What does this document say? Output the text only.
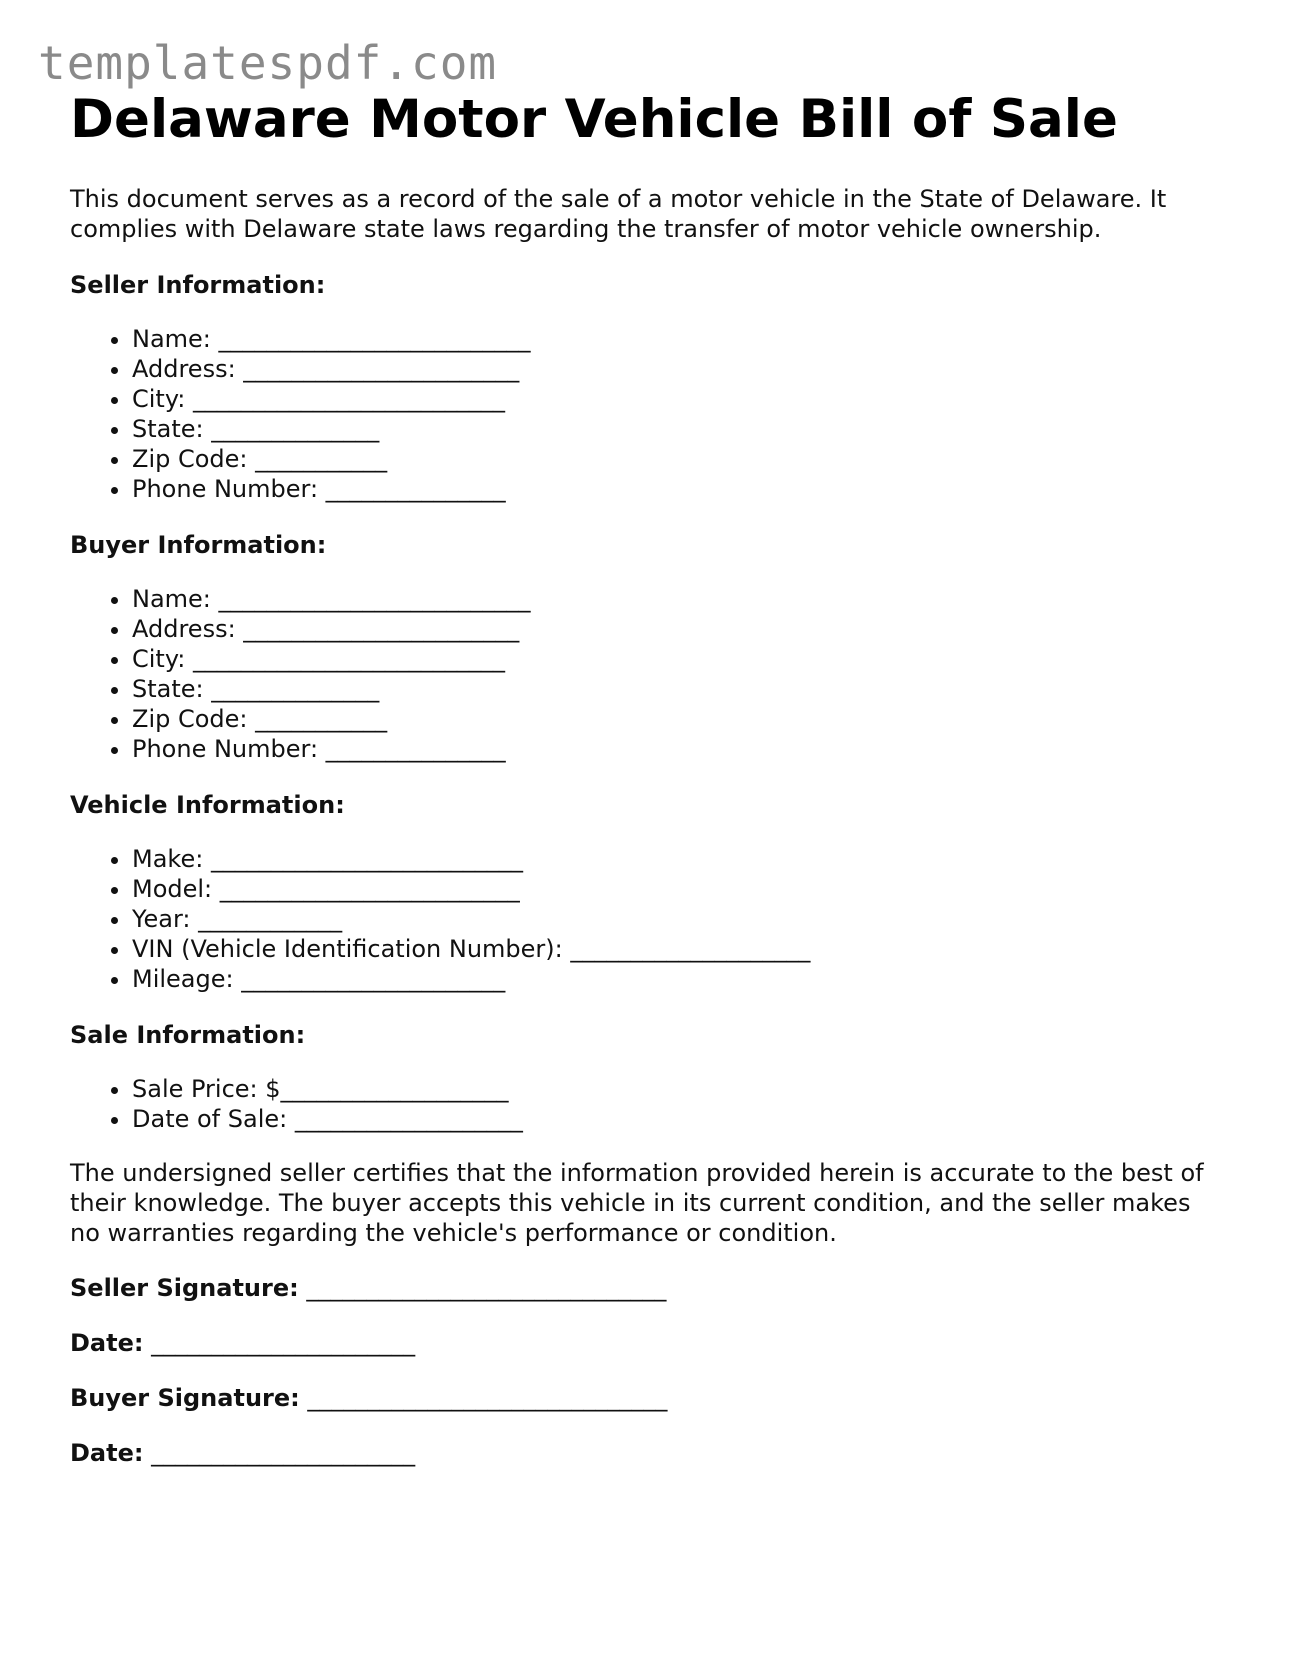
templatespdf.com
Delaware Motor Vehicle Bill of Sale

This document serves as a record of the sale of a motor vehicle in the State of Delaware. It complies with Delaware state laws regarding the transfer of motor vehicle ownership.

Seller Information:
• Name: __________________________
• Address: _______________________
• City: __________________________
• State: ______________
• Zip Code: ___________
• Phone Number: _______________
Buyer Information:
• Name: __________________________
• Address: _______________________
• City: __________________________
• State: ______________
• Zip Code: ___________
• Phone Number: _______________
Vehicle Information:
• Make: __________________________
• Model: _________________________
• Year: ____________
• VIN (Vehicle Identification Number): ____________________
• Mileage: ______________________
Sale Information:
• Sale Price: $___________________
• Date of Sale: ___________________

The undersigned seller certifies that the information provided herein is accurate to the best of their knowledge. The buyer accepts this vehicle in its current condition, and the seller makes no warranties regarding the vehicle's performance or condition.

Seller Signature: ______________________________
Date: ______________________
Buyer Signature: ______________________________
Date: ______________________
